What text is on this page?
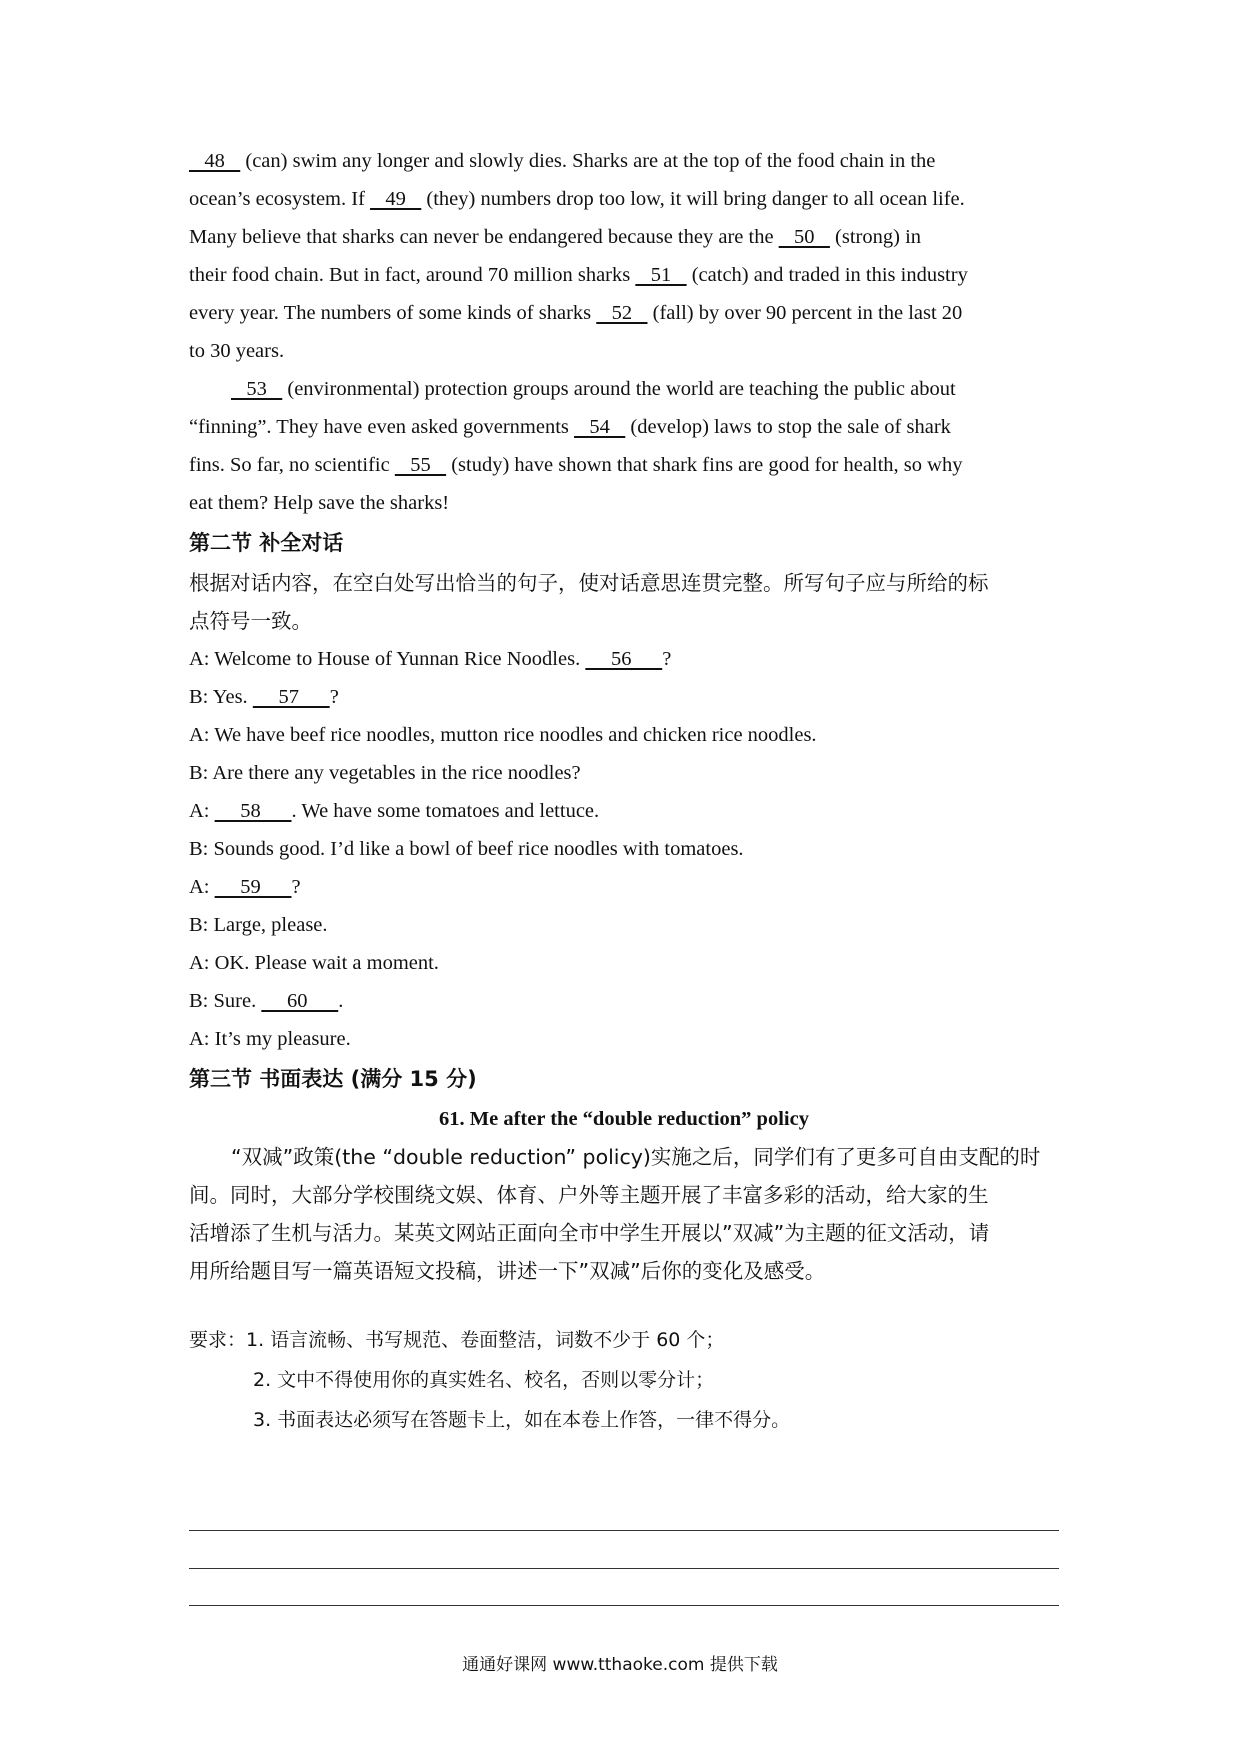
48    (can) swim any longer and slowly dies. Sharks are at the top of the food chain in the

ocean’s ecosystem. If    49    (they) numbers drop too low, it will bring danger to all ocean life.

Many believe that sharks can never be endangered because they are the    50    (strong) in

their food chain. But in fact, around 70 million sharks    51    (catch) and traded in this industry

every year. The numbers of some kinds of sharks    52    (fall) by over 90 percent in the last 20

to 30 years.

53    (environmental) protection groups around the world are teaching the public about

“finning”. They have even asked governments    54    (develop) laws to stop the sale of shark

fins. So far, no scientific    55    (study) have shown that shark fins are good for health, so why

eat them? Help save the sharks!

第二节 补全对话

根据对话内容，在空白处写出恰当的句子，使对话意思连贯完整。所写句子应与所给的标

点符号一致。

A: Welcome to House of Yunnan Rice Noodles.      56      ?

B: Yes.      57      ?

A: We have beef rice noodles, mutton rice noodles and chicken rice noodles.

B: Are there any vegetables in the rice noodles?

A:      58      . We have some tomatoes and lettuce.

B: Sounds good. I’d like a bowl of beef rice noodles with tomatoes.

A:      59      ?

B: Large, please.

A: OK. Please wait a moment.

B: Sure.      60      .

A: It’s my pleasure.

第三节 书面表达 (满分 15 分)

61. Me after the “double reduction” policy

“双减”政策(the “double reduction” policy)实施之后，同学们有了更多可自由支配的时

间。同时，大部分学校围绕文娱、体育、户外等主题开展了丰富多彩的活动，给大家的生

活增添了生机与活力。某英文网站正面向全市中学生开展以”双减”为主题的征文活动，请

用所给题目写一篇英语短文投稿，讲述一下”双减”后你的变化及感受。

要求：1. 语言流畅、书写规范、卷面整洁，词数不少于 60 个；

2. 文中不得使用你的真实姓名、校名，否则以零分计；

3. 书面表达必须写在答题卡上，如在本卷上作答，一律不得分。

通通好课网 www.tthaoke.com 提供下载
